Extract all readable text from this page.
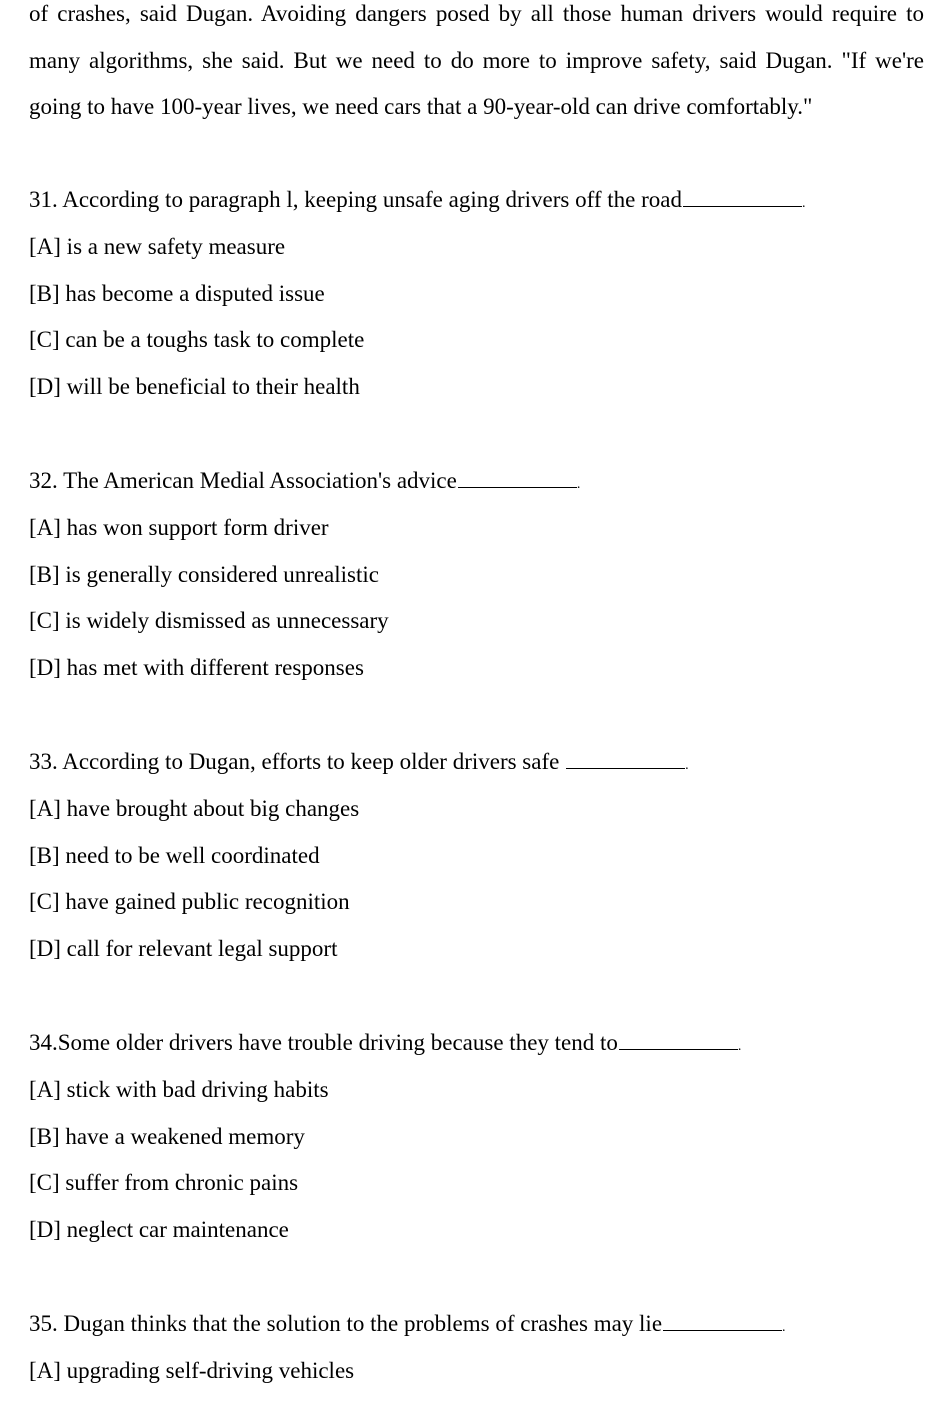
of crashes, said Dugan. Avoiding dangers posed by all those human drivers would require to
many algorithms, she said. But we need to do more to improve safety, said Dugan. "If we're
going to have 100-year lives, we need cars that a 90-year-old can drive comfortably."
31. According to paragraph l, keeping unsafe aging drivers off the road	.
[A] is a new safety measure
[B] has become a disputed issue
[C] can be a toughs task to complete
[D] will be beneficial to their health
32. The American Medial Association's advice	.
[A] has won support form driver
[B] is generally considered unrealistic
[C] is widely dismissed as unnecessary
[D] has met with different responses
33. According to Dugan, efforts to keep older drivers safe	.
[A] have brought about big changes
[B] need to be well coordinated
[C] have gained public recognition
[D] call for relevant legal support
34.Some older drivers have trouble driving because they tend to	.
[A] stick with bad driving habits
[B] have a weakened memory
[C] suffer from chronic pains
[D] neglect car maintenance
35. Dugan thinks that the solution to the problems of crashes may lie	.
[A] upgrading self-driving vehicles
